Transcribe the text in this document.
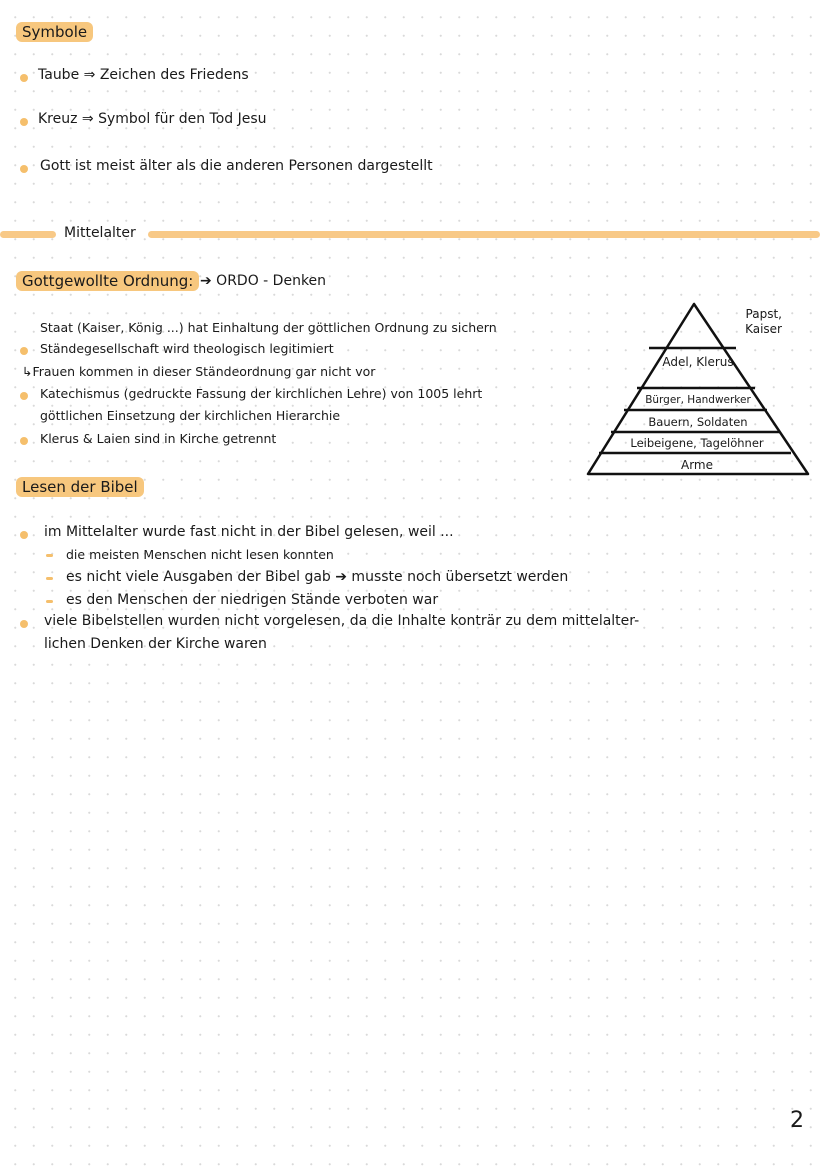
Symbole
Taube ⇒ Zeichen des Friedens
Kreuz ⇒ Symbol für den Tod Jesu
Gott ist meist älter als die anderen Personen dargestellt
Mittelalter
Gottgewollte Ordnung: ➔ ORDO - Denken
Staat (Kaiser, König ...) hat Einhaltung der göttlichen Ordnung zu sichern
Ständegesellschaft wird theologisch legitimiert
↳Frauen kommen in dieser Ständeordnung gar nicht vor
Katechismus (gedruckte Fassung der kirchlichen Lehre) von 1005 lehrt
göttlichen Einsetzung der kirchlichen Hierarchie
Klerus & Laien sind in Kirche getrennt
Papst, Kaiser
Adel, Klerus
Bürger, Handwerker
Bauern, Soldaten
Leibeigene, Tagelöhner
Arme
Lesen der Bibel
im Mittelalter wurde fast nicht in der Bibel gelesen, weil ...
die meisten Menschen nicht lesen konnten
es nicht viele Ausgaben der Bibel gab ➔ musste noch übersetzt werden
es den Menschen der niedrigen Stände verboten war
viele Bibelstellen wurden nicht vorgelesen, da die Inhalte konträr zu dem mittelalter-
lichen Denken der Kirche waren
2
